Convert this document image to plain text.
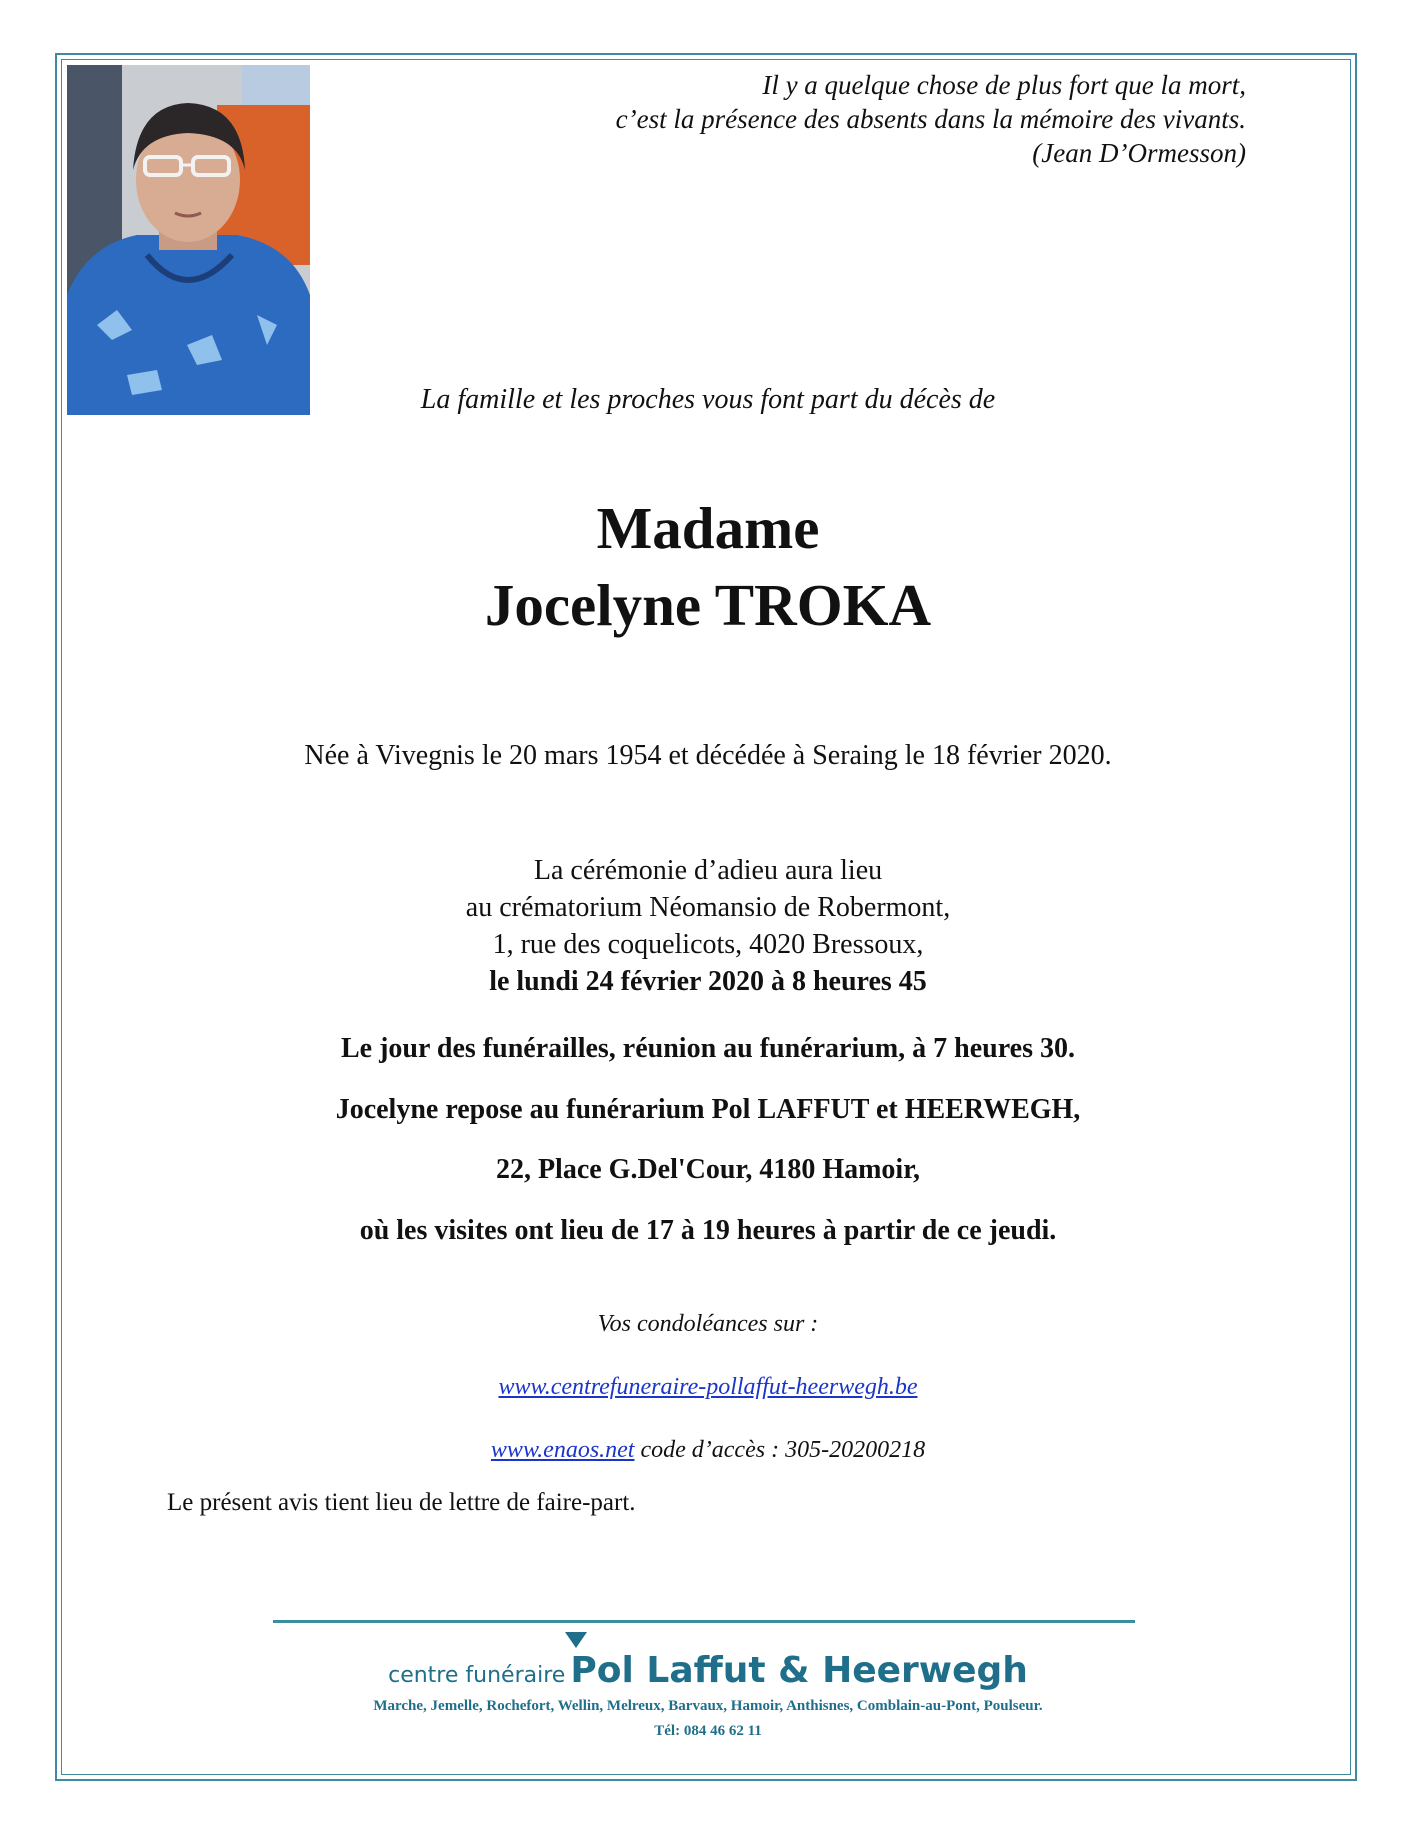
Il y a quelque chose de plus fort que la mort,
c’est la présence des absents dans la mémoire des vivants.
(Jean D’Ormesson)
La famille et les proches vous font part du décès de
Madame
Jocelyne TROKA
Née à Vivegnis le 20 mars 1954 et décédée à Seraing le 18 février 2020.
La cérémonie d’adieu aura lieu
au crématorium Néomansio de Robermont,
1, rue des coquelicots, 4020 Bressoux,
le lundi 24 février 2020 à 8 heures 45
Le jour des funérailles, réunion au funérarium, à 7 heures 30.
Jocelyne repose au funérarium Pol LAFFUT et HEERWEGH,
22, Place G.Del'Cour, 4180 Hamoir,
où les visites ont lieu de 17 à 19 heures à partir de ce jeudi.
Vos condoléances sur :
www.centrefuneraire-pollaffut-heerwegh.be
www.enaos.net code d’accès : 305-20200218
Le présent avis tient lieu de lettre de faire-part.
centre funéraire Pol Laffut & Heerwegh
Marche, Jemelle, Rochefort, Wellin, Melreux, Barvaux, Hamoir, Anthisnes, Comblain-au-Pont, Poulseur.
Tél: 084 46 62 11
